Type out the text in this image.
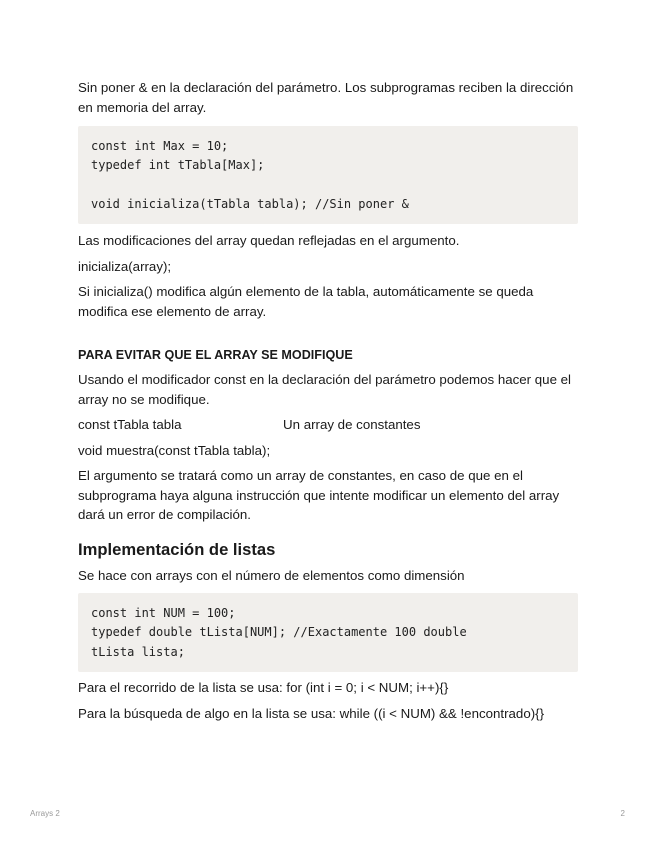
Sin poner & en la declaración del parámetro. Los subprogramas reciben la dirección en memoria del array.

const int Max = 10;
typedef int tTabla[Max];

void inicializa(tTabla tabla); //Sin poner &

Las modificaciones del array quedan reflejadas en el argumento.

inicializa(array);

Si inicializa() modifica algún elemento de la tabla, automáticamente se queda modifica ese elemento de array.

PARA EVITAR QUE EL ARRAY SE MODIFIQUE

Usando el modificador const en la declaración del parámetro podemos hacer que el array no se modifique.

const tTabla tabla	Un array de constantes

void muestra(const tTabla tabla);

El argumento se tratará como un array de constantes, en caso de que en el subprograma haya alguna instrucción que intente modificar un elemento del array dará un error de compilación.

Implementación de listas

Se hace con arrays con el número de elementos como dimensión

const int NUM = 100;
typedef double tLista[NUM]; //Exactamente 100 double
tLista lista;

Para el recorrido de la lista se usa: for (int i = 0; i < NUM; i++){}

Para la búsqueda de algo en la lista se usa: while ((i < NUM) && !encontrado){}

Arrays 2	2
